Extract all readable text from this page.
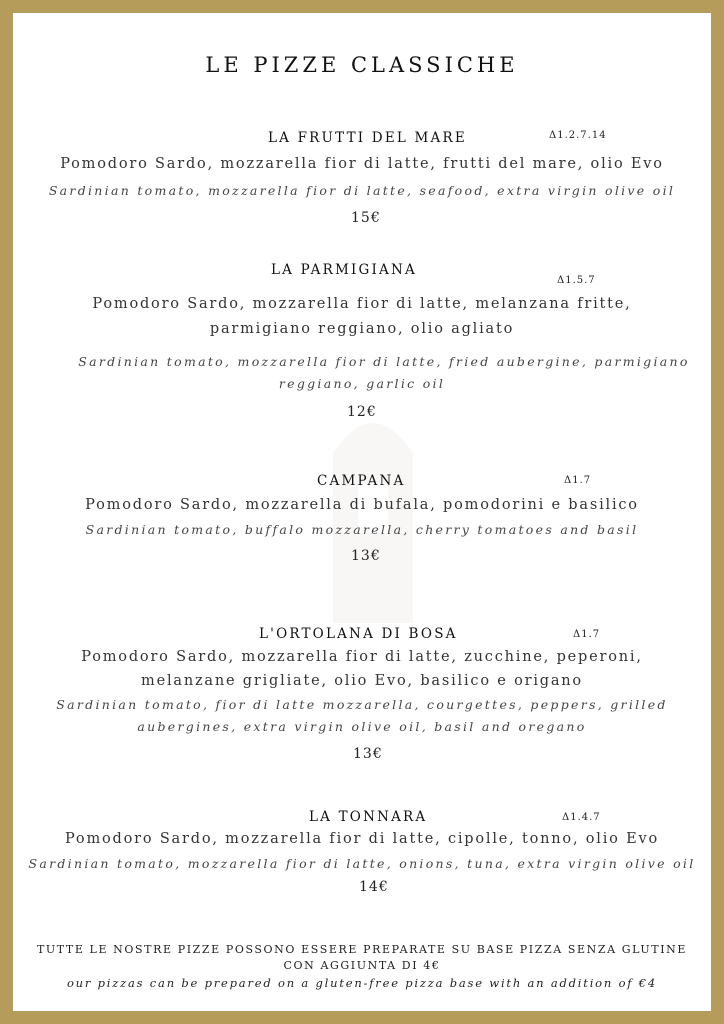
LE PIZZE CLASSICHE
LA FRUTTI DEL MARE	Δ1.2.7.14
Pomodoro Sardo, mozzarella fior di latte, frutti del mare, olio Evo
Sardinian tomato, mozzarella fior di latte, seafood, extra virgin olive oil
15€
LA PARMIGIANA
Δ1.5.7
Pomodoro Sardo, mozzarella fior di latte, melanzana fritte,
parmigiano reggiano, olio agliato
Sardinian tomato, mozzarella fior di latte, fried aubergine, parmigiano
reggiano, garlic oil
12€
CAMPANA	Δ1.7
Pomodoro Sardo, mozzarella di bufala, pomodorini e basilico
Sardinian tomato, buffalo mozzarella, cherry tomatoes and basil
13€
L'ORTOLANA DI BOSA	Δ1.7
Pomodoro Sardo, mozzarella fior di latte, zucchine, peperoni,
melanzane grigliate, olio Evo, basilico e origano
Sardinian tomato, fior di latte mozzarella, courgettes, peppers, grilled
aubergines, extra virgin olive oil, basil and oregano
13€
LA TONNARA	Δ1.4.7
Pomodoro Sardo, mozzarella fior di latte, cipolle, tonno, olio Evo
Sardinian tomato, mozzarella fior di latte, onions, tuna, extra virgin olive oil
14€
TUTTE LE NOSTRE PIZZE POSSONO ESSERE PREPARATE SU BASE PIZZA SENZA GLUTINE
CON AGGIUNTA DI 4€
our pizzas can be prepared on a gluten-free pizza base with an addition of €4
